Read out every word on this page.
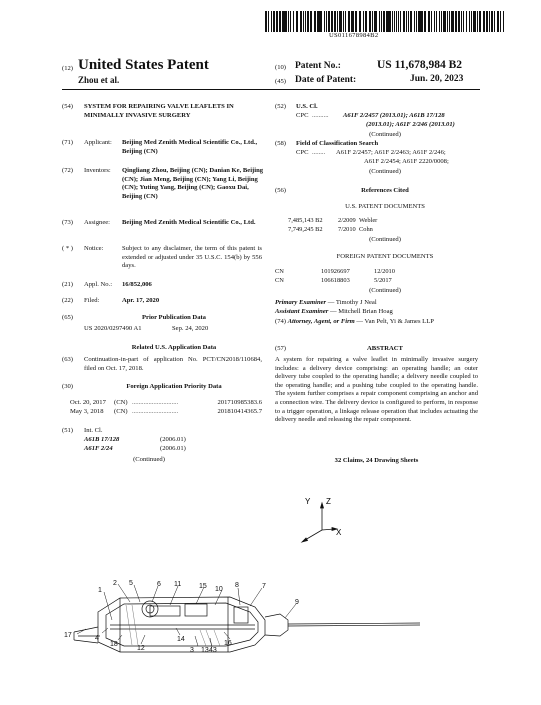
US011678984B2
(12) United States Patent
Zhou et al.
(10) Patent No.:	US 11,678,984 B2
(45) Date of Patent:	Jun. 20, 2023
(54)	SYSTEM FOR REPAIRING VALVE LEAFLETS IN MINIMALLY INVASIVE SURGERY
(71)	Applicant: Beijing Med Zenith Medical Scientific Co., Ltd., Beijing (CN)
(72)	Inventors: Qingliang Zhou, Beijing (CN); Danian Ke, Beijing (CN); Jian Meng, Beijing (CN); Yang Li, Beijing (CN); Yuting Yang, Beijing (CN); Gaoxu Dai, Beijing (CN)
(73)	Assignee: Beijing Med Zenith Medical Scientific Co., Ltd.
( * )	Notice:	Subject to any disclaimer, the term of this patent is extended or adjusted under 35 U.S.C. 154(b) by 556 days.
(21)	Appl. No.: 16/852,006
(22)	Filed:	Apr. 17, 2020
(65)	Prior Publication Data
US 2020/0297490 A1	Sep. 24, 2020
Related U.S. Application Data
(63)	Continuation-in-part of application No. PCT/CN2018/110684, filed on Oct. 17, 2018.
(30)	Foreign Application Priority Data
Oct. 20, 2017	(CN) ............................	201710985383.6
May 3, 2018	(CN) ............................	201810414365.7
(51)	Int. Cl.
A61B 17/128	(2006.01)
A61F 2/24	(2006.01)
(Continued)
(52)	U.S. Cl.
CPC .......... A61F 2/2457 (2013.01); A61B 17/128
(2013.01); A61F 2/246 (2013.01)
(Continued)
(58)	Field of Classification Search
CPC ........ A61F 2/2457; A61F 2/2463; A61F 2/246;
A61F 2/2454; A61F 2220/0008;
(Continued)
(56)	References Cited
U.S. PATENT DOCUMENTS
7,485,143 B2 2/2009 Webler
7,749,245 B2 7/2010 Cohn
(Continued)
FOREIGN PATENT DOCUMENTS
CN	101926697	12/2010
CN	106618803	5/2017
(Continued)
Primary Examiner — Timothy J Neal
Assistant Examiner — Mitchell Brian Hoag
(74) Attorney, Agent, or Firm — Van Pelt, Yi & James LLP
(57)	ABSTRACT
A system for repairing a valve leaflet in minimally invasive surgery includes: a delivery device comprising: an operating handle; an outer delivery tube coupled to the operating handle; a delivery needle coupled to the operating handle; and a pushing tube coupled to the operating handle. The system further comprises a repair component comprising an anchor and a connection wire. The delivery device is configured to perform, in response to a trigger operation, a linkage release operation that includes actuating the delivery needle and releasing the repair component.
32 Claims, 24 Drawing Sheets
Y Z
X
1
2 5	6 11	15 10
8	7
9
17	4
18
12
14
3 13 43
16
